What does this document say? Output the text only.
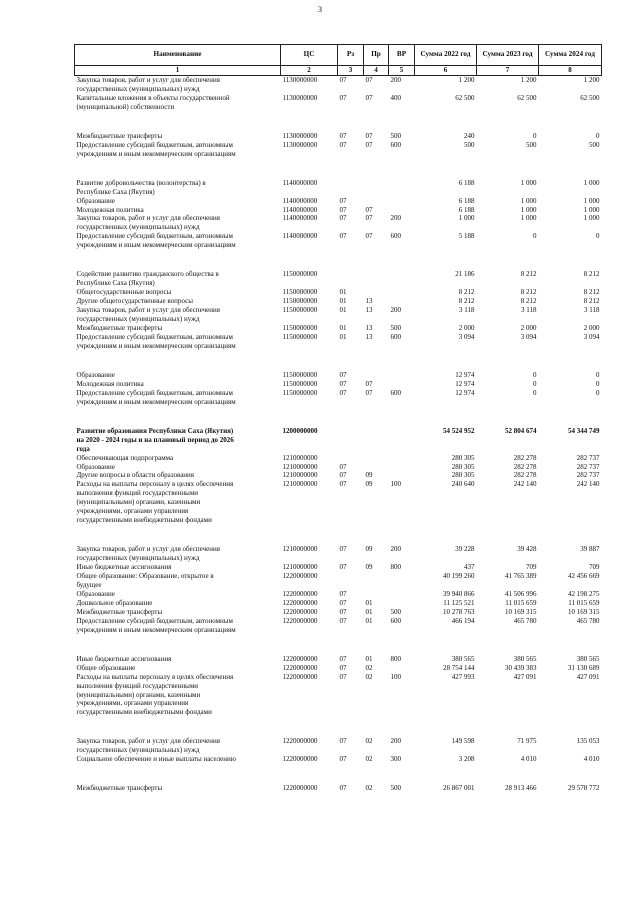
3
Наименование	ЦС	Рз	Пр	ВР	Сумма 2022 год	Сумма 2023 год	Сумма 2024 год
1	2	3	4	5	6	7	8
Закупка товаров, работ и услуг для обеспечения
государственных (муниципальных) нужд	1130000000	07	07	200	1 200	1 200	1 200
Капитальные вложения в объекты государственной
(муниципальной) собственности	1130000000	07	07	400	62 500	62 500	62 500
Межбюджетные трансферты	1130000000	07	07	500	240	0	0
Предоставление субсидий бюджетным, автономным
учреждениям и иным некоммерческим организациям	1130000000	07	07	600	500	500	500
Развитие добровольчества (волонтерства) в
Республике Саха (Якутия)	1140000000				6 188	1 000	1 000
Образование	1140000000	07			6 188	1 000	1 000
Молодежная политика	1140000000	07	07		6 188	1 000	1 000
Закупка товаров, работ и услуг для обеспечения
государственных (муниципальных) нужд	1140000000	07	07	200	1 000	1 000	1 000
Предоставление субсидий бюджетным, автономным
учреждениям и иным некоммерческим организациям	1140000000	07	07	600	5 188	0	0
Содействие развитию гражданского общества в
Республике Саха (Якутия)	1150000000				21 186	8 212	8 212
Общегосударственные вопросы	1150000000	01			8 212	8 212	8 212
Другие общегосударственные вопросы	1150000000	01	13		8 212	8 212	8 212
Закупка товаров, работ и услуг для обеспечения
государственных (муниципальных) нужд	1150000000	01	13	200	3 118	3 118	3 118
Межбюджетные трансферты	1150000000	01	13	500	2 000	2 000	2 000
Предоставление субсидий бюджетным, автономным
учреждениям и иным некоммерческим организациям	1150000000	01	13	600	3 094	3 094	3 094
Образование	1150000000	07			12 974	0	0
Молодежная политика	1150000000	07	07		12 974	0	0
Предоставление субсидий бюджетным, автономным
учреждениям и иным некоммерческим организациям	1150000000	07	07	600	12 974	0	0
Развитие образования Республики Саха (Якутия)
на 2020 - 2024 годы и на плановый период до 2026
года	1200000000				54 524 952	52 804 674	54 344 749
Обеспечивающая подпрограмма	1210000000				280 305	282 278	282 737
Образование	1210000000	07			280 305	282 278	282 737
Другие вопросы в области образования	1210000000	07	09		280 305	282 278	282 737
Расходы на выплаты персоналу в целях обеспечения
выполнения функций государственными
(муниципальными) органами, казенными
учреждениями, органами управления
государственными внебюджетными фондами	1210000000	07	09	100	240 640	242 140	242 140
Закупка товаров, работ и услуг для обеспечения
государственных (муниципальных) нужд	1210000000	07	09	200	39 228	39 428	39 887
Иные бюджетные ассигнования	1210000000	07	09	800	437	709	709
Общее образование: Образование, открытое в
будущее	1220000000				40 199 260	41 765 389	42 456 669
Образование	1220000000	07			39 940 866	41 506 996	42 198 275
Дошкольное образование	1220000000	07	01		11 125 521	11 015 659	11 015 659
Межбюджетные трансферты	1220000000	07	01	500	10 278 763	10 169 315	10 169 315
Предоставление субсидий бюджетным, автономным
учреждениям и иным некоммерческим организациям	1220000000	07	01	600	466 194	465 780	465 780
Иные бюджетные ассигнования	1220000000	07	01	800	380 565	380 565	380 565
Общее образование	1220000000	07	02		28 754 144	30 439 383	31 130 689
Расходы на выплаты персоналу в целях обеспечения
выполнения функций государственными
(муниципальными) органами, казенными
учреждениями, органами управления
государственными внебюджетными фондами	1220000000	07	02	100	427 993	427 091	427 091
Закупка товаров, работ и услуг для обеспечения
государственных (муниципальных) нужд	1220000000	07	02	200	149 598	71 975	135 053
Социальное обеспечение и иные выплаты населению	1220000000	07	02	300	3 208	4 010	4 010
Межбюджетные трансферты	1220000000	07	02	500	26 867 001	28 913 466	29 578 772
